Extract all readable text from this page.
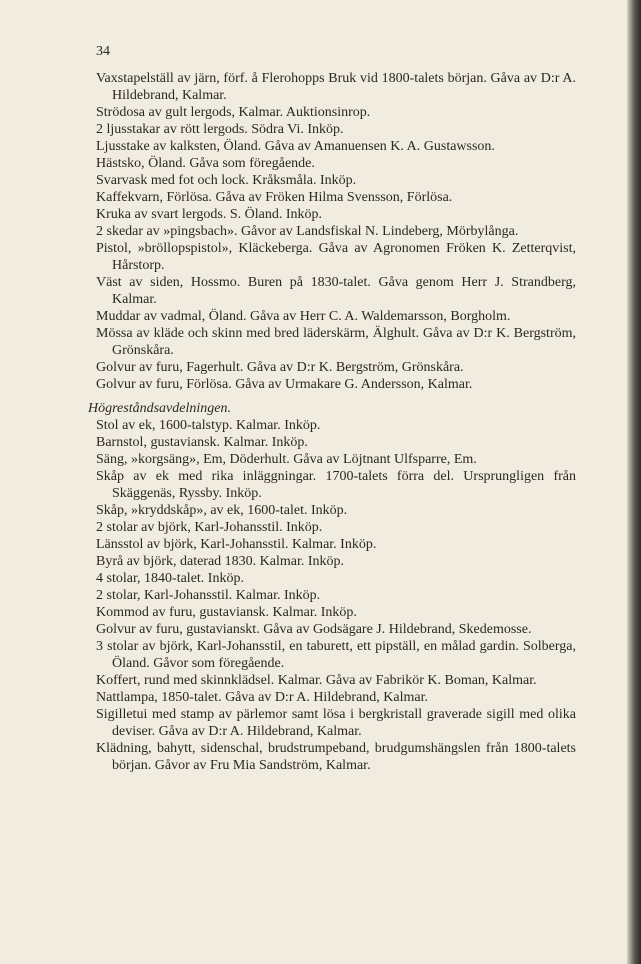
34

Vaxstapelställ av järn, förf. å Flerohopps Bruk vid 1800-talets början. Gåva av D:r A. Hildebrand, Kalmar.

Strödosa av gult lergods, Kalmar. Auktionsinrop.

2 ljusstakar av rött lergods. Södra Vi. Inköp.

Ljusstake av kalksten, Öland. Gåva av Amanuensen K. A. Gustawsson.

Hästsko, Öland. Gåva som föregående.

Svarvask med fot och lock. Kråksmåla. Inköp.

Kaffekvarn, Förlösa. Gåva av Fröken Hilma Svensson, Förlösa.

Kruka av svart lergods. S. Öland. Inköp.

2 skedar av »pingsbach». Gåvor av Landsfiskal N. Lindeberg, Mörbylånga.

Pistol, »bröllopspistol», Kläckeberga. Gåva av Agronomen Fröken K. Zetterqvist, Hårstorp.

Väst av siden, Hossmo. Buren på 1830-talet. Gåva genom Herr J. Strandberg, Kalmar.

Muddar av vadmal, Öland. Gåva av Herr C. A. Waldemarsson, Borgholm.

Mössa av kläde och skinn med bred läderskärm, Älghult. Gåva av D:r K. Bergström, Grönskåra.

Golvur av furu, Fagerhult. Gåva av D:r K. Bergström, Grönskåra.

Golvur av furu, Förlösa. Gåva av Urmakare G. Andersson, Kalmar.

Högreståndsavdelningen.

Stol av ek, 1600-talstyp. Kalmar. Inköp.

Barnstol, gustaviansk. Kalmar. Inköp.

Säng, »korgsäng», Em, Döderhult. Gåva av Löjtnant Ulfsparre, Em.

Skåp av ek med rika inläggningar. 1700-talets förra del. Ursprungligen från Skäggenäs, Ryssby. Inköp.

Skåp, »kryddskåp», av ek, 1600-talet. Inköp.

2 stolar av björk, Karl-Johansstil. Inköp.

Länsstol av björk, Karl-Johansstil. Kalmar. Inköp.

Byrå av björk, daterad 1830. Kalmar. Inköp.

4 stolar, 1840-talet. Inköp.

2 stolar, Karl-Johansstil. Kalmar. Inköp.

Kommod av furu, gustaviansk. Kalmar. Inköp.

Golvur av furu, gustavianskt. Gåva av Godsägare J. Hildebrand, Skedemosse.

3 stolar av björk, Karl-Johansstil, en taburett, ett pipställ, en målad gardin. Solberga, Öland. Gåvor som föregående.

Koffert, rund med skinnklädsel. Kalmar. Gåva av Fabrikör K. Boman, Kalmar.

Nattlampa, 1850-talet. Gåva av D:r A. Hildebrand, Kalmar.

Sigilletui med stamp av pärlemor samt lösa i bergkristall graverade sigill med olika deviser. Gåva av D:r A. Hildebrand, Kalmar.

Klädning, bahytt, sidenschal, brudstrumpeband, brudgumshängslen från 1800-talets början. Gåvor av Fru Mia Sandström, Kalmar.
